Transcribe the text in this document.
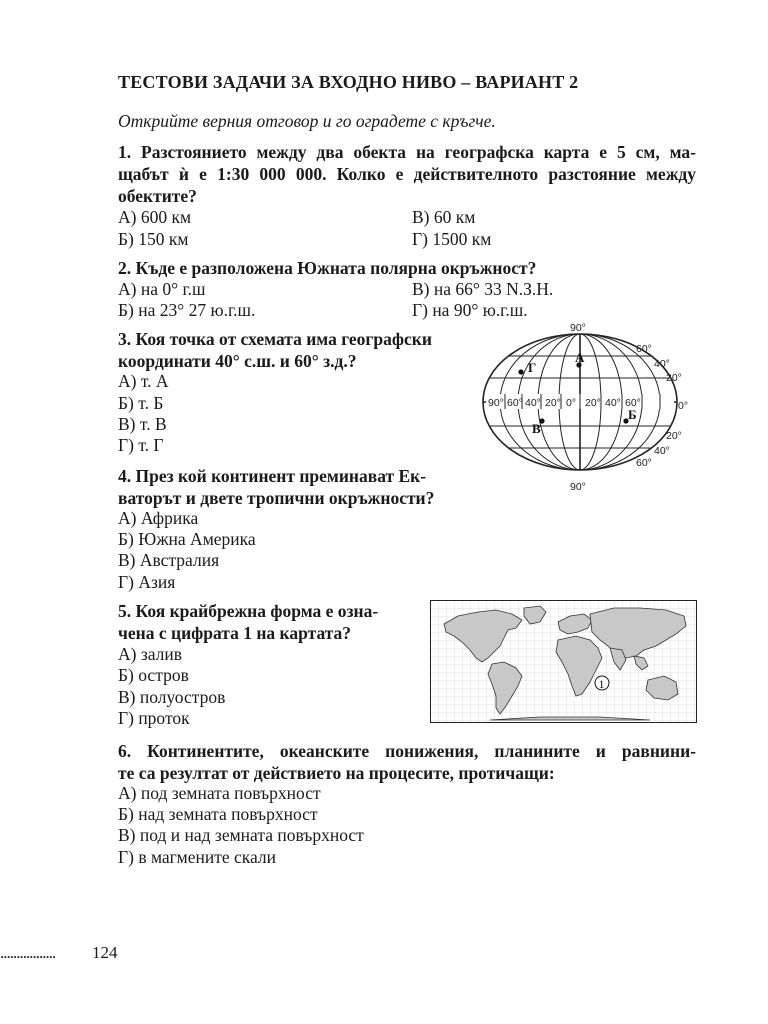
ТЕСТОВИ ЗАДАЧИ ЗА ВХОДНО НИВО – ВАРИАНТ 2
Открийте верния отговор и го оградете с кръгче.
1. Разстоянието между два обекта на географска карта е 5 см, ма-
щабът ѝ е 1:30 000 000. Колко е действителното разстояние между
обектите?
А) 600 км
Б) 150 км
В) 60 км
Г) 1500 км
2. Къде е разположена Южната полярна окръжност?
А) на 0° г.ш
Б) на 23° 27 ю.г.ш.
В) на 66° 33 N.З.Н.
Г) на 90° ю.г.ш.
3. Коя точка от схемата има географски
координати 40° с.ш. и 60° з.д.?
А) т. А
Б) т. Б
В) т. В
Г) т. Г
90°
90°
90° 60° 40° 20° 0° 20° 40° 60°
60°
40°
20°
0°
20°
40°
60°
Г
А
Б
В
4. През кой континент преминават Ек-
ваторът и двете тропични окръжности?
А) Африка
Б) Южна Америка
В) Австралия
Г) Азия
5. Коя крайбрежна форма е озна-
чена с цифрата 1 на картата?
А) залив
Б) остров
В) полуостров
Г) проток
1
6. Континентите, океанските понижения, планините и равнини-
те са резултат от действието на процесите, протичащи:
А) под земната повърхност
Б) над земната повърхност
В) под и над земната повърхност
Г) в магмените скали
................. 124
